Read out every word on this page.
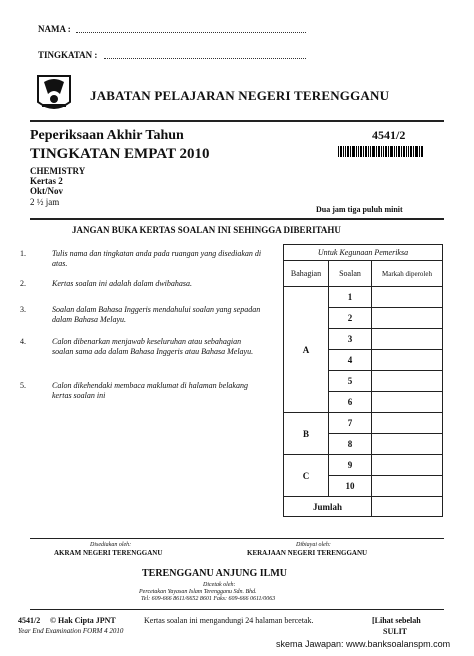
NAMA :
TINGKATAN :
JABATAN PELAJARAN NEGERI TERENGGANU
Peperiksaan Akhir Tahun
TINGKATAN EMPAT 2010
CHEMISTRY
Kertas 2
Okt/Nov
2 ½ jam
4541/2
Dua jam tiga puluh minit
JANGAN BUKA KERTAS SOALAN INI SEHINGGA DIBERITAHU
1.	Tulis nama dan tingkatan anda pada ruangan yang disediakan di atas.
2.	Kertas soalan ini adalah dalam dwibahasa.
3.	Soalan dalam Bahasa Inggeris mendahului soalan yang sepadan dalam Bahasa Melayu.
4.	Calon dibenarkan menjawab keseluruhan atau sebahagian soalan sama ada dalam Bahasa Inggeris atau Bahasa Melayu.
5.	Calon dikehendaki membaca maklumat di halaman belakang kertas soalan ini
Untuk Kegunaan Pemeriksa		
Bahagian	Soalan	Markah diperoleh
A	1	
	2	
	3	
	4	
	5	
	6	
B	7	
	8	
C	9	
	10	
Jumlah		
Disediakan oleh:
AKRAM NEGERI TERENGGANU
Dibiayai oleh:
KERAJAAN NEGERI TERENGGANU
TERENGGANU ANJUNG ILMU
Dicetak oleh:
Percetakan Yayasan Islam Terengganu Sdn. Bhd.
Tel: 609-666 8611/6652 8601 Faks: 609-666 0611/0063
4541/2 © Hak Cipta JPNT
Year End Examination FORM 4 2010
Kertas soalan ini mengandungi 24 halaman bercetak.	[Lihat sebelah
SULIT
skema Jawapan: www.banksoalanspm.com
